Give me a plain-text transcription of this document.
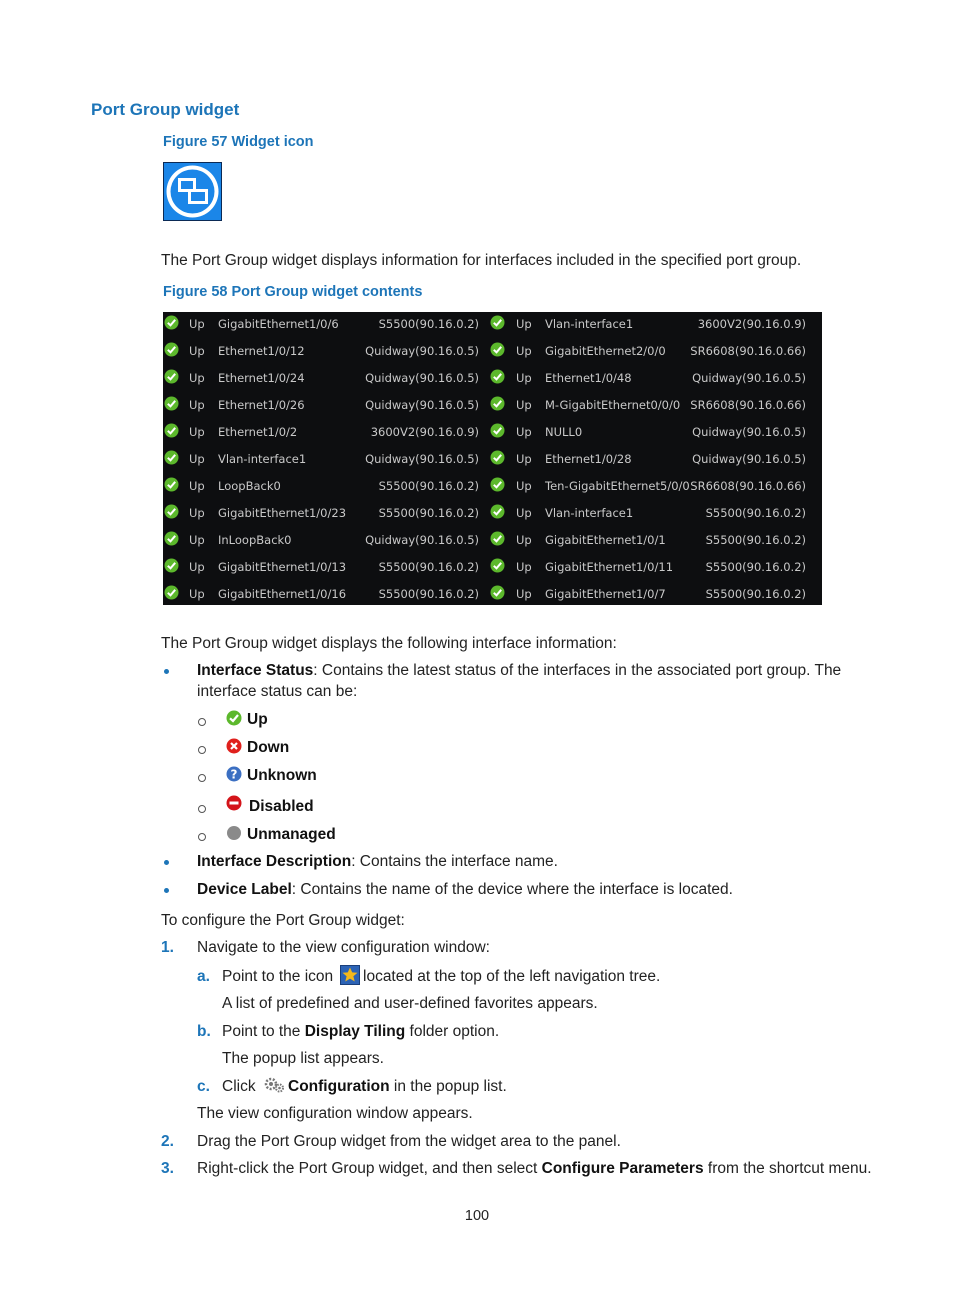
Port Group widget
Figure 57 Widget icon
The Port Group widget displays information for interfaces included in the specified port group.
Figure 58 Port Group widget contents
Up GigabitEthernet1/0/6	S5500(90.16.0.2)	Up Vlan-interface1	3600V2(90.16.0.9)
Up Ethernet1/0/12	Quidway(90.16.0.5)	Up GigabitEthernet2/0/0 SR6608(90.16.0.66)
Up Ethernet1/0/24	Quidway(90.16.0.5)	Up Ethernet1/0/48	Quidway(90.16.0.5)
Up Ethernet1/0/26	Quidway(90.16.0.5)	Up M-GigabitEthernet0/0/0 SR6608(90.16.0.66)
Up Ethernet1/0/2	3600V2(90.16.0.9)	Up NULL0	Quidway(90.16.0.5)
Up Vlan-interface1	Quidway(90.16.0.5)	Up Ethernet1/0/28	Quidway(90.16.0.5)
Up LoopBack0	S5500(90.16.0.2)	Up Ten-GigabitEthernet5/0/0 SR6608(90.16.0.66)
Up GigabitEthernet1/0/23	S5500(90.16.0.2)	Up Vlan-interface1	S5500(90.16.0.2)
Up InLoopBack0	Quidway(90.16.0.5)	Up GigabitEthernet1/0/1	S5500(90.16.0.2)
Up GigabitEthernet1/0/13	S5500(90.16.0.2)	Up GigabitEthernet1/0/11	S5500(90.16.0.2)
Up GigabitEthernet1/0/16	S5500(90.16.0.2)	Up GigabitEthernet1/0/7	S5500(90.16.0.2)
The Port Group widget displays the following interface information:
Interface Status: Contains the latest status of the interfaces in the associated port group. The
interface status can be:
Up
Down
? Unknown
Disabled
Unmanaged
Interface Description: Contains the interface name.
Device Label: Contains the name of the device where the interface is located.
To configure the Port Group widget:
1. Navigate to the view configuration window:
a. Point to the icon located at the top of the left navigation tree.
A list of predefined and user-defined favorites appears.
b. Point to the Display Tiling folder option.
The popup list appears.
c. Click Configuration in the popup list.
The view configuration window appears.
2. Drag the Port Group widget from the widget area to the panel.
3. Right-click the Port Group widget, and then select Configure Parameters from the shortcut menu.
100
